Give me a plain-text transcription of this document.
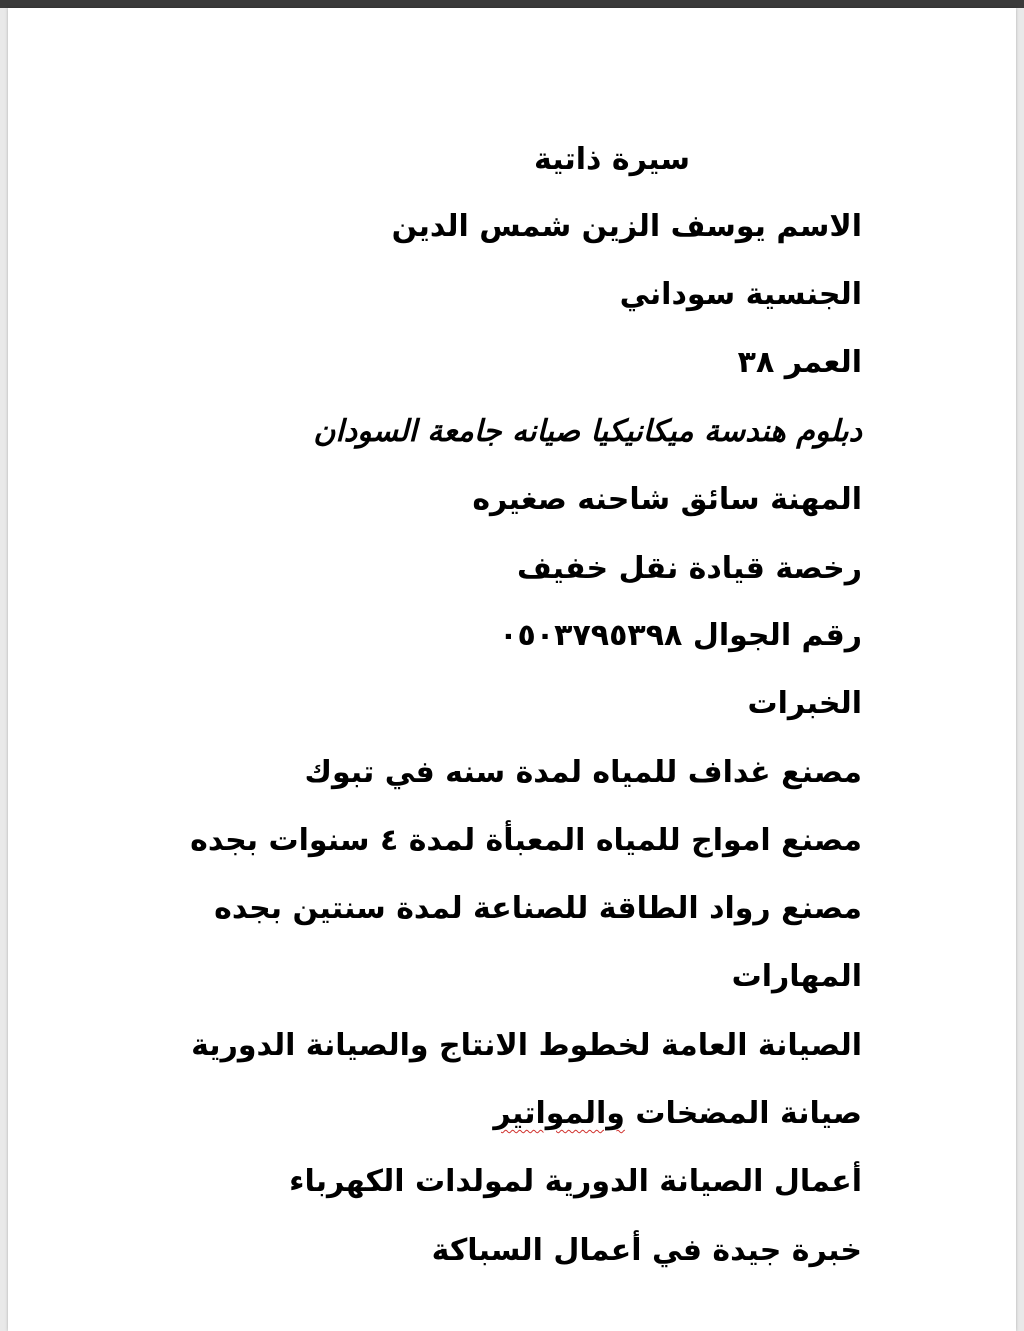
سيرة ذاتية
الاسم يوسف الزين شمس الدين
الجنسية سوداني
العمر ٣٨
دبلوم هندسة ميكانيكيا صيانه جامعة السودان
المهنة سائق شاحنه صغيره
رخصة قيادة نقل خفيف
رقم الجوال ٠٥٠٣٧٩٥٣٩٨
الخبرات
مصنع غداف للمياه لمدة سنه في تبوك
مصنع امواج للمياه المعبأة لمدة ٤ سنوات بجده
مصنع رواد الطاقة للصناعة لمدة سنتين بجده
المهارات
الصيانة العامة لخطوط الانتاج والصيانة الدورية
صيانة المضخات والمواتير
أعمال الصيانة الدورية لمولدات الكهرباء
خبرة جيدة في أعمال السباكة
